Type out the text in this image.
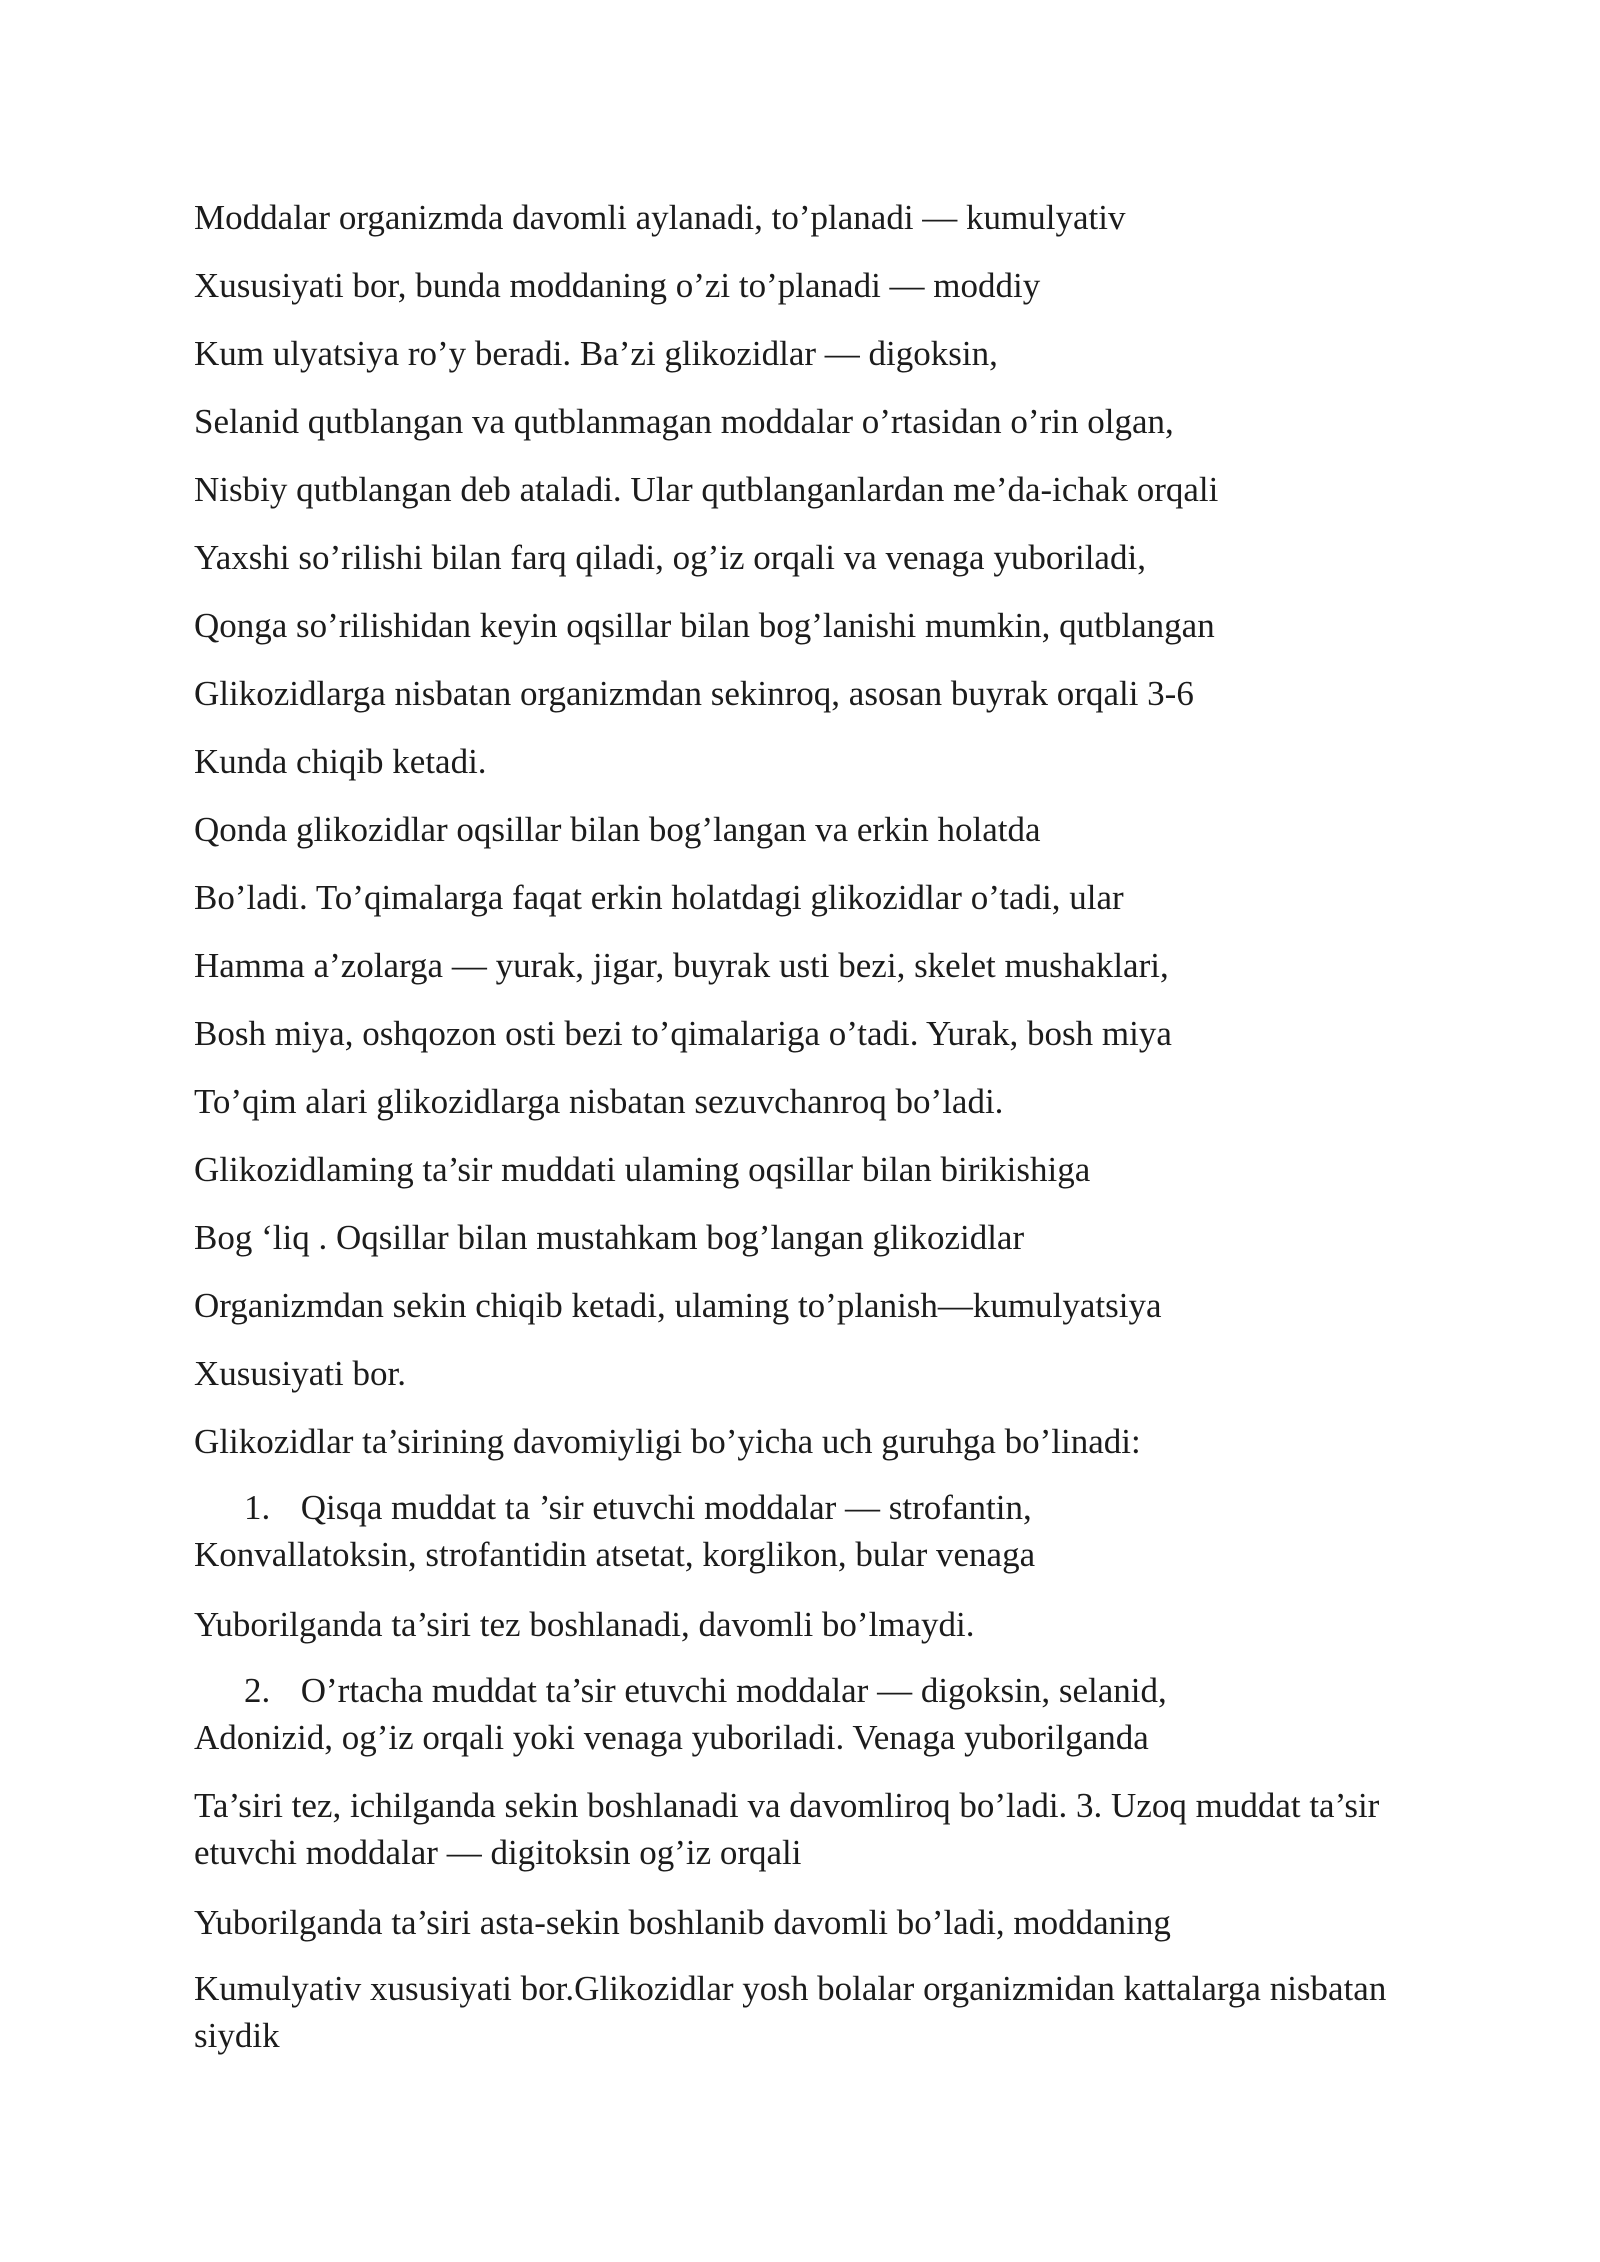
Moddalar organizmda davomli aylanadi, to’planadi — kumulyativ
Xususiyati bor, bunda moddaning o’zi to’planadi — moddiy
Kum ulyatsiya ro’y beradi. Ba’zi glikozidlar — digoksin,
Selanid qutblangan va qutblanmagan moddalar o’rtasidan o’rin olgan,
Nisbiy qutblangan deb ataladi. Ular qutblanganlardan me’da-ichak orqali
Yaxshi so’rilishi bilan farq qiladi, og’iz orqali va venaga yuboriladi,
Qonga so’rilishidan keyin oqsillar bilan bog’lanishi mumkin, qutblangan
Glikozidlarga nisbatan organizmdan sekinroq, asosan buyrak orqali 3-6
Kunda chiqib ketadi.
Qonda glikozidlar oqsillar bilan bog’langan va erkin holatda
Bo’ladi. To’qimalarga faqat erkin holatdagi glikozidlar o’tadi, ular
Hamma a’zolarga — yurak, jigar, buyrak usti bezi, skelet mushaklari,
Bosh miya, oshqozon osti bezi to’qimalariga o’tadi. Yurak, bosh miya
To’qim alari glikozidlarga nisbatan sezuvchanroq bo’ladi.
Glikozidlaming ta’sir muddati ulaming oqsillar bilan birikishiga
Bog ‘liq . Oqsillar bilan mustahkam bog’langan glikozidlar
Organizmdan sekin chiqib ketadi, ulaming to’planish—kumulyatsiya
Xususiyati bor.
Glikozidlar ta’sirining davomiyligi bo’yicha uch guruhga bo’linadi:
1. Qisqa muddat ta ’sir etuvchi moddalar — strofantin,

Konvallatoksin, strofantidin atsetat, korglikon, bular venaga
Yuborilganda ta’siri tez boshlanadi, davomli bo’lmaydi.
2. O’rtacha muddat ta’sir etuvchi moddalar — digoksin, selanid,

Adonizid, og’iz orqali yoki venaga yuboriladi. Venaga yuborilganda
Ta’siri tez, ichilganda sekin boshlanadi va davomliroq bo’ladi. 3. Uzoq muddat ta’sir etuvchi moddalar — digitoksin og’iz orqali
Yuborilganda ta’siri asta-sekin boshlanib davomli bo’ladi, moddaning
Kumulyativ xususiyati bor.Glikozidlar yosh bolalar organizmidan kattalarga nisbatan siydik
